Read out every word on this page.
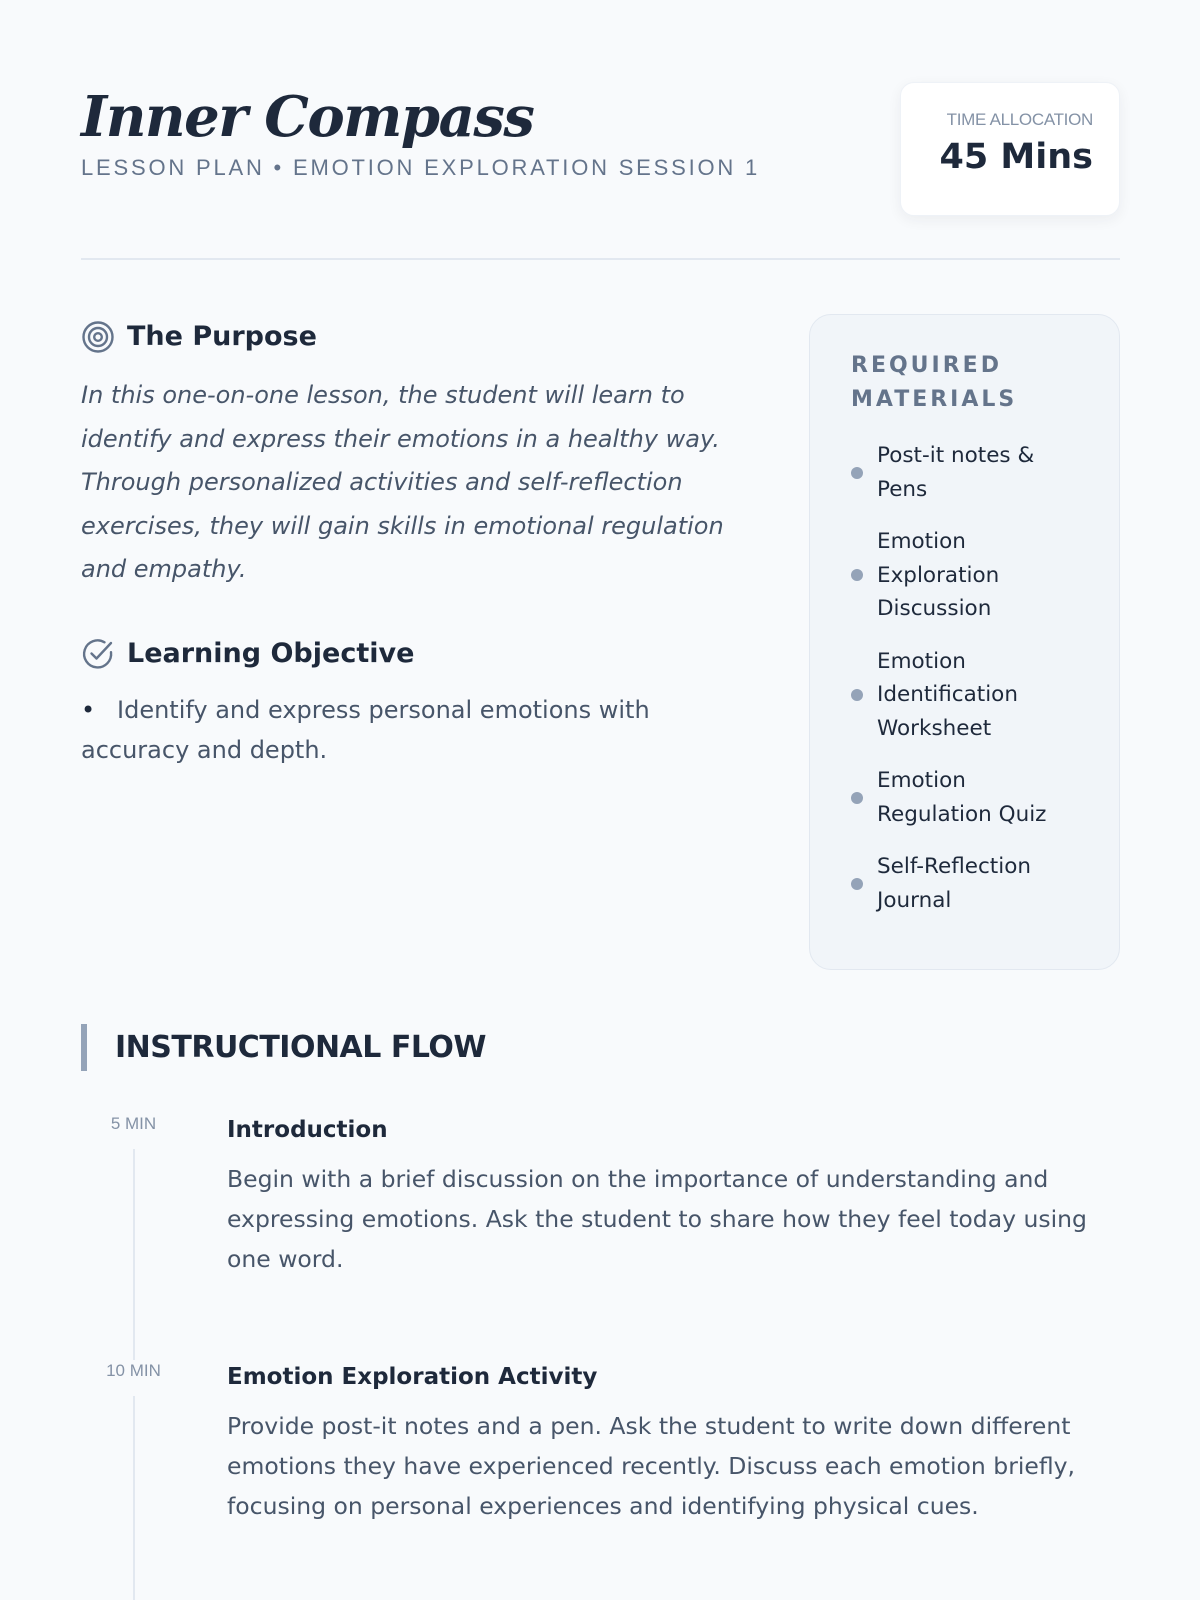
Inner Compass
LESSON PLAN • EMOTION EXPLORATION SESSION 1
TIME ALLOCATION
45 Mins
The Purpose

In this one-on-one lesson, the student will learn to identify and express their emotions in a healthy way. Through personalized activities and self-reflection exercises, they will gain skills in emotional regulation and empathy.

Learning Objective
• Identify and express personal emotions with accuracy and depth.
REQUIRED MATERIALS
Post-it notes & Pens
Emotion Exploration Discussion
Emotion Identification Worksheet
Emotion Regulation Quiz
Self-Reflection Journal
INSTRUCTIONAL FLOW
5 MIN	Introduction

Begin with a brief discussion on the importance of understanding and expressing emotions. Ask the student to share how they feel today using one word.

10 MIN	Emotion Exploration Activity

Provide post-it notes and a pen. Ask the student to write down different emotions they have experienced recently. Discuss each emotion briefly, focusing on personal experiences and identifying physical cues.
